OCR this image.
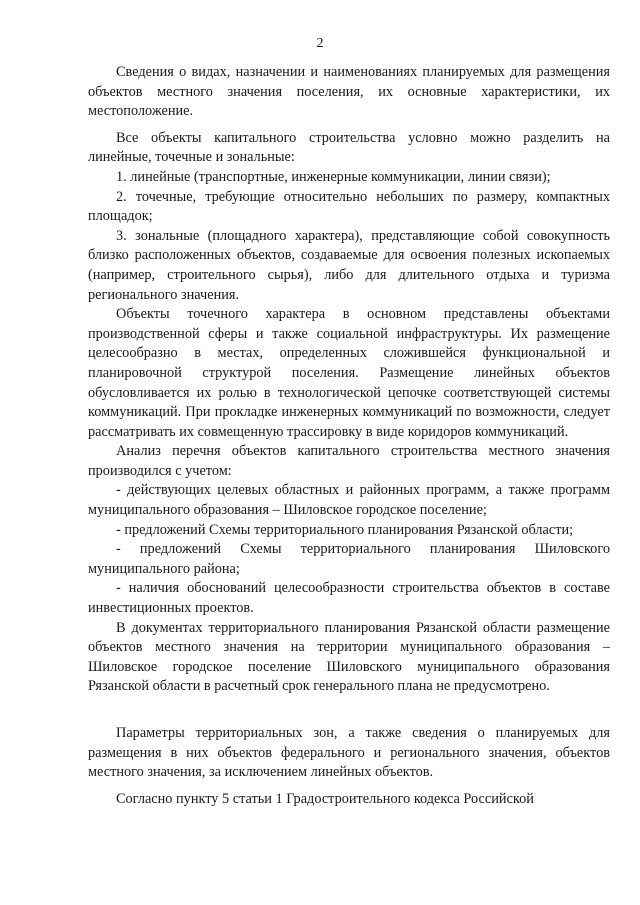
2

Сведения о видах, назначении и наименованиях планируемых для размещения объектов местного значения поселения, их основные характеристики, их местоположение.

Все объекты капитального строительства условно можно разделить на линейные, точечные и зональные:

1. линейные (транспортные, инженерные коммуникации, линии связи);

2. точечные, требующие относительно небольших по размеру, компактных площадок;

3. зональные (площадного характера), представляющие собой совокупность близко расположенных объектов, создаваемые для освоения полезных ископаемых (например, строительного сырья), либо для длительного отдыха и туризма регионального значения.

Объекты точечного характера в основном представлены объектами производственной сферы и также социальной инфраструктуры. Их размещение целесообразно в местах, определенных сложившейся функциональной и планировочной структурой поселения. Размещение линейных объектов обусловливается их ролью в технологической цепочке соответствующей системы коммуникаций. При прокладке инженерных коммуникаций по возможности, следует рассматривать их совмещенную трассировку в виде коридоров коммуникаций.

Анализ перечня объектов капитального строительства местного значения производился с учетом:

- действующих целевых областных и районных программ, а также программ муниципального образования – Шиловское городское поселение;

- предложений Схемы территориального планирования Рязанской области;

- предложений Схемы территориального планирования Шиловского муниципального района;

- наличия обоснований целесообразности строительства объектов в составе инвестиционных проектов.

В документах территориального планирования Рязанской области размещение объектов местного значения на территории муниципального образования – Шиловское городское поселение Шиловского муниципального образования Рязанской области в расчетный срок генерального плана не предусмотрено.

Параметры территориальных зон, а также сведения о планируемых для размещения в них объектов федерального и регионального значения, объектов местного значения, за исключением линейных объектов.

Согласно пункту 5 статьи 1 Градостроительного кодекса Российской
